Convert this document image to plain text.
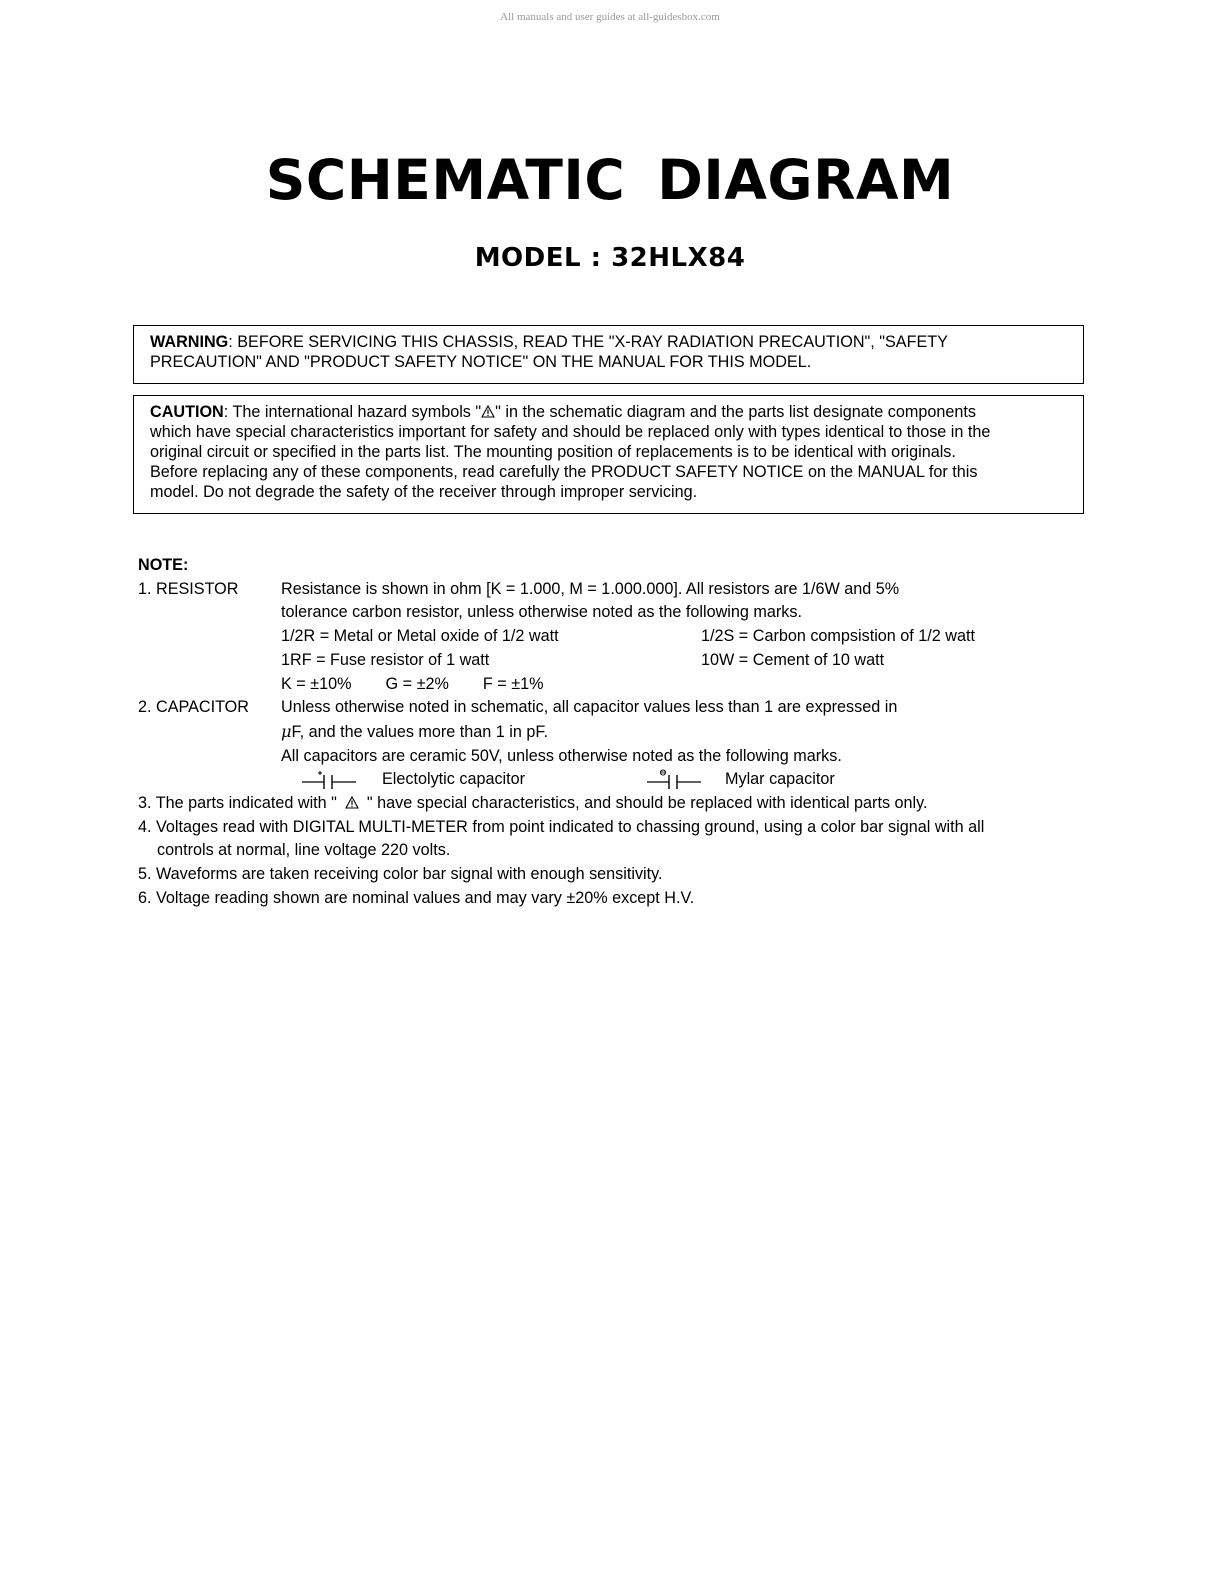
All manuals and user guides at all-guidesbox.com
SCHEMATIC DIAGRAM
MODEL : 32HLX84
WARNING: BEFORE SERVICING THIS CHASSIS, READ THE "X-RAY RADIATION PRECAUTION", "SAFETY
PRECAUTION" AND "PRODUCT SAFETY NOTICE" ON THE MANUAL FOR THIS MODEL.
CAUTION: The international hazard symbols " " in the schematic diagram and the parts list designate components
which have special characteristics important for safety and should be replaced only with types identical to those in the
original circuit or specified in the parts list. The mounting position of replacements is to be identical with originals.
Before replacing any of these components, read carefully the PRODUCT SAFETY NOTICE on the MANUAL for this
model. Do not degrade the safety of the receiver through improper servicing.
NOTE:
1. RESISTOR	Resistance is shown in ohm [K = 1.000, M = 1.000.000]. All resistors are 1/6W and 5%
tolerance carbon resistor, unless otherwise noted as the following marks.
1/2R = Metal or Metal oxide of 1/2 watt	1/2S = Carbon compsistion of 1/2 watt
1RF = Fuse resistor of 1 watt	10W = Cement of 10 watt
K = ±10% G = ±2% F = ±1%
2. CAPACITOR	Unless otherwise noted in schematic, all capacitor values less than 1 are expressed in
μF, and the values more than 1 in pF.
All capacitors are ceramic 50V, unless otherwise noted as the following marks.
Electolytic capacitor	M	Mylar capacitor
3. The parts indicated with " " have special characteristics, and should be replaced with identical parts only.
4. Voltages read with DIGITAL MULTI-METER from point indicated to chassing ground, using a color bar signal with all
controls at normal, line voltage 220 volts.
5. Waveforms are taken receiving color bar signal with enough sensitivity.
6. Voltage reading shown are nominal values and may vary ±20% except H.V.
